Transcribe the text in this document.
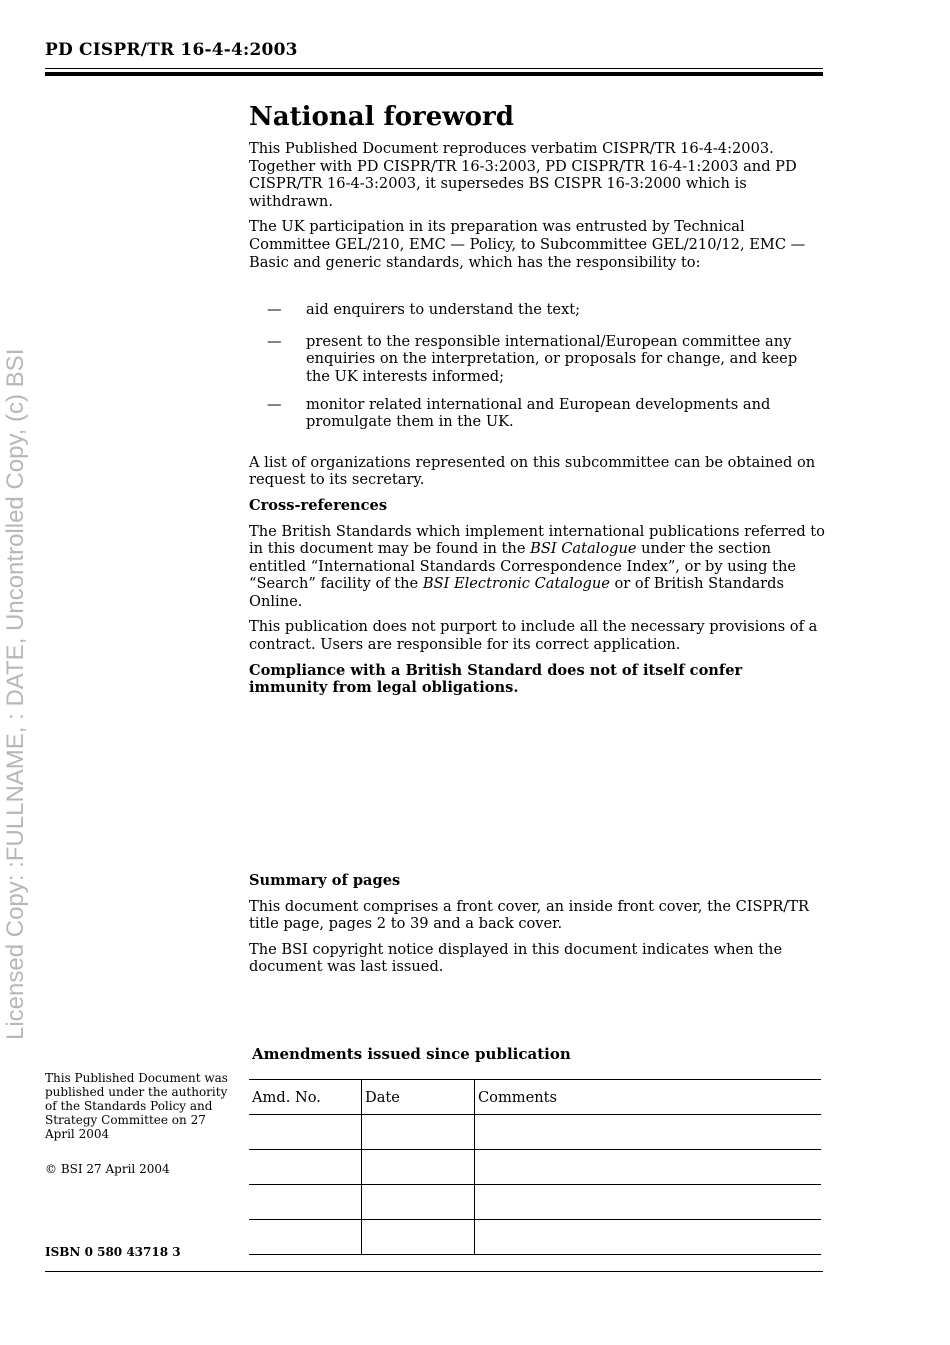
PD CISPR/TR 16-4-4:2003
Licensed Copy: :FULLNAME, : DATE, Uncontrolled Copy, (c) BSI
National foreword

This Published Document reproduces verbatim CISPR/TR 16-4-4:2003. Together with PD CISPR/TR 16-3:2003, PD CISPR/TR 16-4-1:2003 and PD CISPR/TR 16-4-3:2003, it supersedes BS CISPR 16-3:2000 which is withdrawn.

The UK participation in its preparation was entrusted by Technical Committee GEL/210, EMC — Policy, to Subcommittee GEL/210/12, EMC — Basic and generic standards, which has the responsibility to:

— aid enquirers to understand the text;
— present to the responsible international/European committee any enquiries on the interpretation, or proposals for change, and keep the UK interests informed;
— monitor related international and European developments and promulgate them in the UK.

A list of organizations represented on this subcommittee can be obtained on request to its secretary.

Cross-references

The British Standards which implement international publications referred to in this document may be found in the BSI Catalogue under the section entitled “International Standards Correspondence Index”, or by using the “Search” facility of the BSI Electronic Catalogue or of British Standards Online.

This publication does not purport to include all the necessary provisions of a contract. Users are responsible for its correct application.

Compliance with a British Standard does not of itself confer immunity from legal obligations.

Summary of pages

This document comprises a front cover, an inside front cover, the CISPR/TR title page, pages 2 to 39 and a back cover.

The BSI copyright notice displayed in this document indicates when the document was last issued.

This Published Document was published under the authority of the Standards Policy and Strategy Committee on 27 April 2004

© BSI 27 April 2004

ISBN 0 580 43718 3

Amendments issued since publication
Amd. No.	Date	Comments
